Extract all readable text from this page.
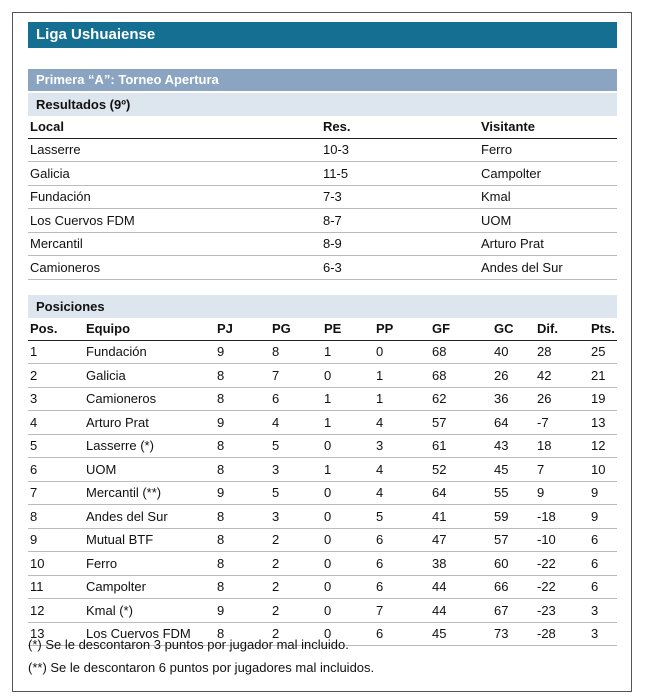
Liga Ushuaiense
Primera “A”: Torneo Apertura
Resultados (9º)
Local	Res.	Visitante
Lasserre	10-3	Ferro
Galicia	11-5	Campolter
Fundación	7-3	Kmal
Los Cuervos FDM	8-7	UOM
Mercantil	8-9	Arturo Prat
Camioneros	6-3	Andes del Sur
Posiciones
Pos.	Equipo	PJ	PG	PE	PP	GF	GC	Dif.	Pts.
1	Fundación	9	8	1	0	68	40	28	25
2	Galicia	8	7	0	1	68	26	42	21
3	Camioneros	8	6	1	1	62	36	26	19
4	Arturo Prat	9	4	1	4	57	64	-7	13
5	Lasserre (*)	8	5	0	3	61	43	18	12
6	UOM	8	3	1	4	52	45	7	10
7	Mercantil (**)	9	5	0	4	64	55	9	9
8	Andes del Sur	8	3	0	5	41	59	-18	9
9	Mutual BTF	8	2	0	6	47	57	-10	6
10	Ferro	8	2	0	6	38	60	-22	6
11	Campolter	8	2	0	6	44	66	-22	6
12	Kmal (*)	9	2	0	7	44	67	-23	3
13	Los Cuervos FDM	8	2	0	6	45	73	-28	3
(*) Se le descontaron 3 puntos por jugador mal incluido.
(**) Se le descontaron 6 puntos por jugadores mal incluidos.
